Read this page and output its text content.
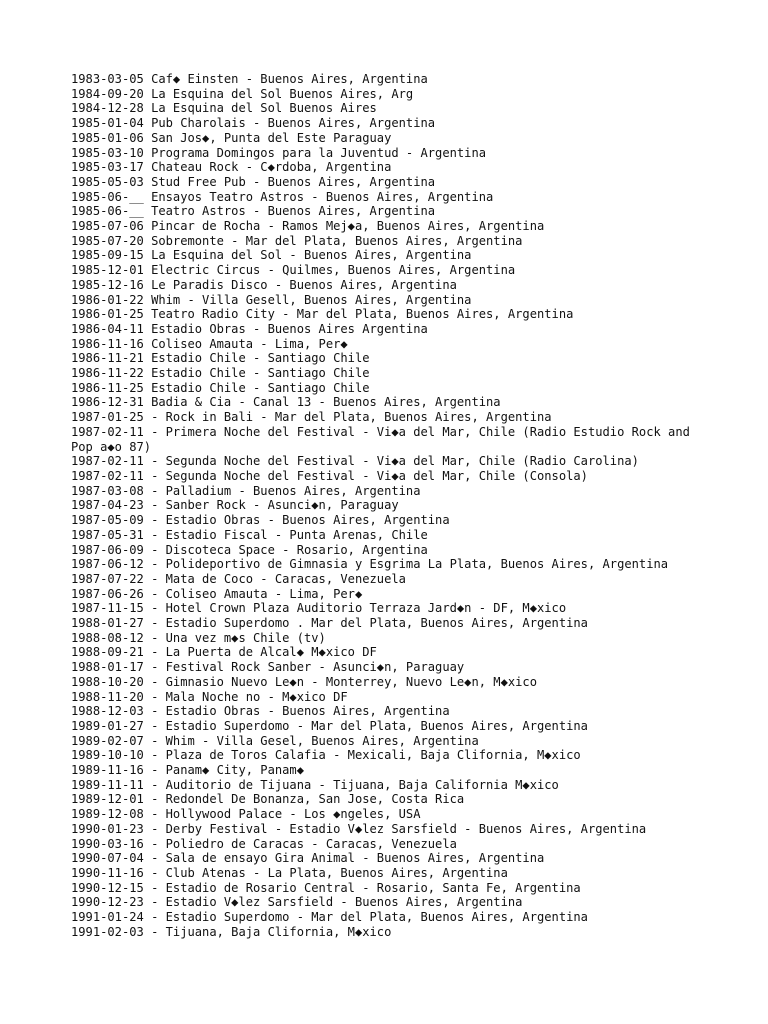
1983-03-05 Caf◆ Einsten - Buenos Aires, Argentina
1984-09-20 La Esquina del Sol Buenos Aires, Arg
1984-12-28 La Esquina del Sol Buenos Aires
1985-01-04 Pub Charolais - Buenos Aires, Argentina
1985-01-06 San Jos◆, Punta del Este Paraguay
1985-03-10 Programa Domingos para la Juventud - Argentina
1985-03-17 Chateau Rock - C◆rdoba, Argentina
1985-05-03 Stud Free Pub - Buenos Aires, Argentina
1985-06-__ Ensayos Teatro Astros - Buenos Aires, Argentina
1985-06-__ Teatro Astros - Buenos Aires, Argentina
1985-07-06 Pincar de Rocha - Ramos Mej◆a, Buenos Aires, Argentina
1985-07-20 Sobremonte - Mar del Plata, Buenos Aires, Argentina
1985-09-15 La Esquina del Sol - Buenos Aires, Argentina
1985-12-01 Electric Circus - Quilmes, Buenos Aires, Argentina
1985-12-16 Le Paradis Disco - Buenos Aires, Argentina
1986-01-22 Whim - Villa Gesell, Buenos Aires, Argentina
1986-01-25 Teatro Radio City - Mar del Plata, Buenos Aires, Argentina
1986-04-11 Estadio Obras - Buenos Aires Argentina
1986-11-16 Coliseo Amauta - Lima, Per◆
1986-11-21 Estadio Chile - Santiago Chile
1986-11-22 Estadio Chile - Santiago Chile
1986-11-25 Estadio Chile - Santiago Chile
1986-12-31 Badia & Cia - Canal 13 - Buenos Aires, Argentina
1987-01-25 - Rock in Bali - Mar del Plata, Buenos Aires, Argentina
1987-02-11 - Primera Noche del Festival - Vi◆a del Mar, Chile (Radio Estudio Rock and Pop a◆o 87)
1987-02-11 - Segunda Noche del Festival - Vi◆a del Mar, Chile (Radio Carolina)
1987-02-11 - Segunda Noche del Festival - Vi◆a del Mar, Chile (Consola)
1987-03-08 - Palladium - Buenos Aires, Argentina
1987-04-23 - Sanber Rock - Asunci◆n, Paraguay
1987-05-09 - Estadio Obras - Buenos Aires, Argentina
1987-05-31 - Estadio Fiscal - Punta Arenas, Chile
1987-06-09 - Discoteca Space - Rosario, Argentina
1987-06-12 - Polideportivo de Gimnasia y Esgrima La Plata, Buenos Aires, Argentina
1987-07-22 - Mata de Coco - Caracas, Venezuela
1987-06-26 - Coliseo Amauta - Lima, Per◆
1987-11-15 - Hotel Crown Plaza Auditorio Terraza Jard◆n - DF, M◆xico
1988-01-27 - Estadio Superdomo . Mar del Plata, Buenos Aires, Argentina
1988-08-12 - Una vez m◆s Chile (tv)
1988-09-21 - La Puerta de Alcal◆ M◆xico DF
1988-01-17 - Festival Rock Sanber - Asunci◆n, Paraguay
1988-10-20 - Gimnasio Nuevo Le◆n - Monterrey, Nuevo Le◆n, M◆xico
1988-11-20 - Mala Noche no - M◆xico DF
1988-12-03 - Estadio Obras - Buenos Aires, Argentina
1989-01-27 - Estadio Superdomo - Mar del Plata, Buenos Aires, Argentina
1989-02-07 - Whim - Villa Gesel, Buenos Aires, Argentina
1989-10-10 - Plaza de Toros Calafia - Mexicali, Baja Clifornia, M◆xico
1989-11-16 - Panam◆ City, Panam◆
1989-11-11 - Auditorio de Tijuana - Tijuana, Baja California M◆xico
1989-12-01 - Redondel De Bonanza, San Jose, Costa Rica
1989-12-08 - Hollywood Palace - Los ◆ngeles, USA
1990-01-23 - Derby Festival - Estadio V◆lez Sarsfield - Buenos Aires, Argentina
1990-03-16 - Poliedro de Caracas - Caracas, Venezuela
1990-07-04 - Sala de ensayo Gira Animal - Buenos Aires, Argentina
1990-11-16 - Club Atenas - La Plata, Buenos Aires, Argentina
1990-12-15 - Estadio de Rosario Central - Rosario, Santa Fe, Argentina
1990-12-23 - Estadio V◆lez Sarsfield - Buenos Aires, Argentina
1991-01-24 - Estadio Superdomo - Mar del Plata, Buenos Aires, Argentina
1991-02-03 - Tijuana, Baja Clifornia, M◆xico
